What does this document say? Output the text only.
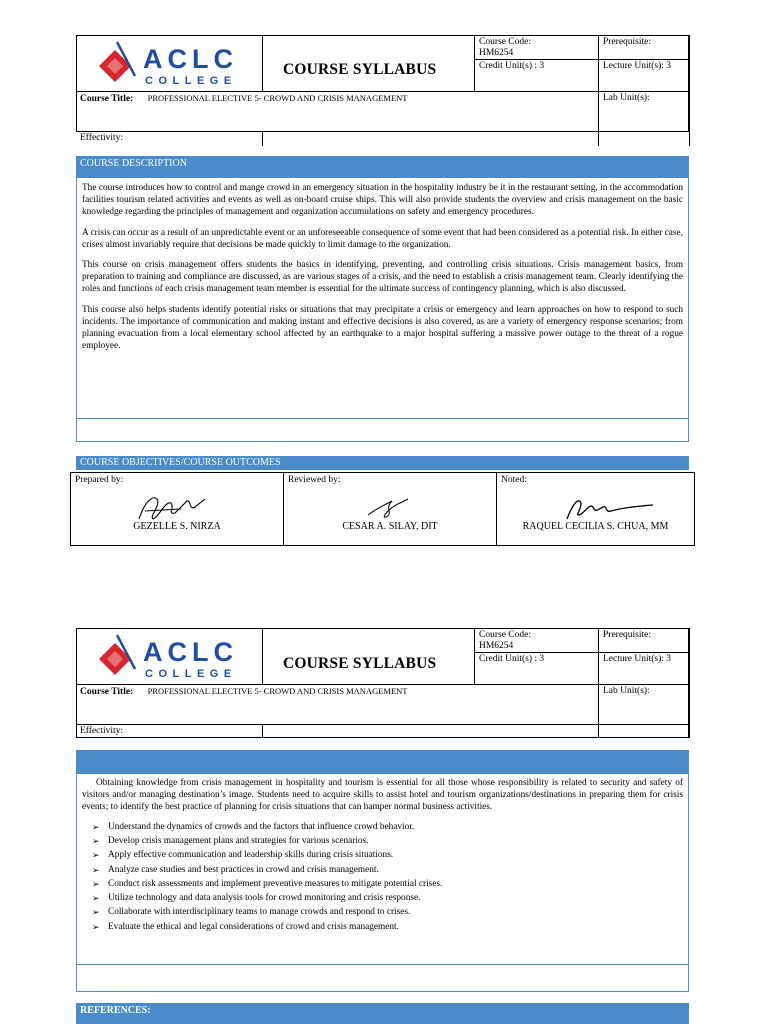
ACLC
COLLEGE
COURSE SYLLABUS
Course Code:
HM6254
Prerequisite:
Credit Unit(s) : 3	Lecture Unit(s): 3
Course Title: PROFESSIONAL ELECTIVE 5- CROWD AND CRISIS MANAGEMENT	Lab Unit(s):
Effectivity:
COURSE DESCRIPTION

The course introduces how to control and mange crowd in an emergency situation in the hospitality industry be it in the restaurant setting, in the accommodation facilities tourism related activities and events as well as on-board cruise ships. This will also provide students the overview and crisis management on the basic knowledge regarding the principles of management and organization accumulations on safety and emergency procedures.

A crisis can occur as a result of an unpredictable event or an unforeseeable consequence of some event that had been considered as a potential risk. In either case, crises almost invariably require that decisions be made quickly to limit damage to the organization.

This course on crisis management offers students the basics in identifying, preventing, and controlling crisis situations. Crisis management basics, from preparation to training and compliance are discussed, as are various stages of a crisis, and the need to establish a crisis management team. Clearly identifying the roles and functions of each crisis management team member is essential for the ultimate success of contingency planning, which is also discussed.

This course also helps students identify potential risks or situations that may precipitate a crisis or emergency and learn approaches on how to respond to such incidents. The importance of communication and making instant and effective decisions is also covered, as are a variety of emergency response scenarios; from planning evacuation from a local elementary school affected by an earthquake to a major hospital suffering a massive power outage to the threat of a rogue employee.

COURSE OBJECTIVES/COURSE OUTCOMES
Prepared by:
GEZELLE S. NIRZA
Reviewed by:
CESAR A. SILAY, DIT
Noted:
RAQUEL CECILIA S. CHUA, MM
ACLC
COLLEGE
COURSE SYLLABUS
Course Code:
HM6254
Prerequisite:
Credit Unit(s) : 3	Lecture Unit(s): 3
Course Title: PROFESSIONAL ELECTIVE 5- CROWD AND CRISIS MANAGEMENT	Lab Unit(s):
Effectivity:

Obtaining knowledge from crisis management in hospitality and tourism is essential for all those whose responsibility is related to security and safety of visitors and/or managing destination’s image. Students need to acquire skills to assist hotel and tourism organizations/destinations in preparing them for crisis events; to identify the best practice of planning for crisis situations that can hamper normal business activities.

➢ Understand the dynamics of crowds and the factors that influence crowd behavior.
➢ Develop crisis management plans and strategies for various scenarios.
➢ Apply effective communication and leadership skills during crisis situations.
➢ Analyze case studies and best practices in crowd and crisis management.
➢ Conduct risk assessments and implement preventive measures to mitigate potential crises.
➢ Utilize technology and data analysis tools for crowd monitoring and crisis response.
➢ Collaborate with interdisciplinary teams to manage crowds and respond to crises.
➢ Evaluate the ethical and legal considerations of crowd and crisis management.
REFERENCES:
